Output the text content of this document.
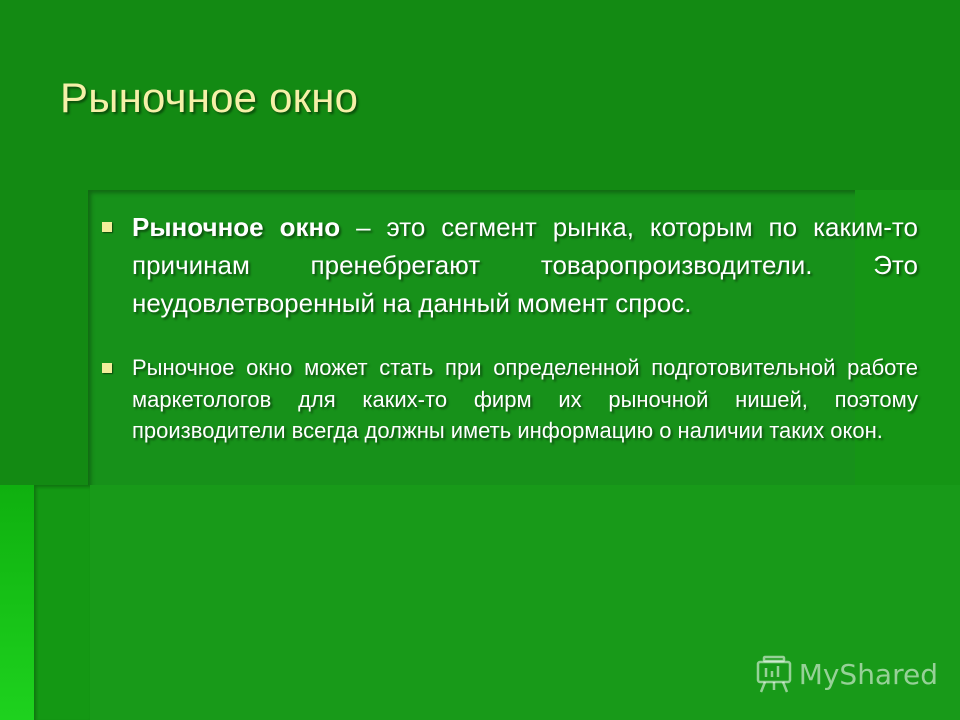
Рыночное окно
Рыночное окно – это сегмент рынка, которым по каким-то причинам пренебрегают товаропроизводители. Это неудовлетворенный на данный момент спрос.
Рыночное окно может стать при определенной подготовительной работе маркетологов для каких-то фирм их рыночной нишей, поэтому производители всегда должны иметь информацию о наличии таких окон.
MyShared
